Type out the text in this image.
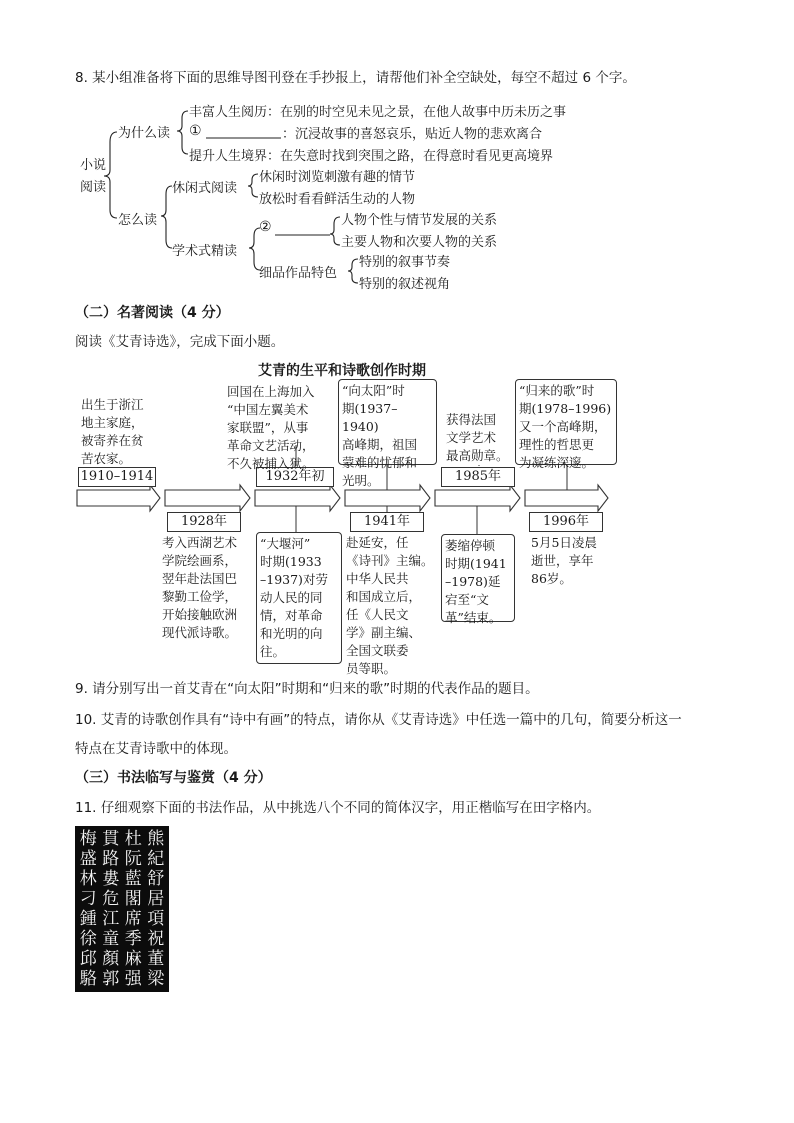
8. 某小组准备将下面的思维导图刊登在手抄报上，请帮他们补全空缺处，每空不超过 6 个字。
小说
阅读
为什么读
丰富人生阅历：在别的时空见未见之景，在他人故事中历未历之事
①	：沉浸故事的喜怒哀乐，贴近人物的悲欢离合
提升人生境界：在失意时找到突围之路，在得意时看见更高境界
怎么读
休闲式阅读
休闲时浏览刺激有趣的情节
放松时看看鲜活生动的人物
学术式精读
②	人物个性与情节发展的关系
主要人物和次要人物的关系
细品作品特色
特别的叙事节奏
特别的叙述视角
（二）名著阅读（4 分）
阅读《艾青诗选》，完成下面小题。
艾青的生平和诗歌创作时期
1910–1914	1932年初	1985年
1928年	1941年	1996年
出生于浙江
地主家庭，
被寄养在贫
苦农家。
回国在上海加入
“中国左翼美术
家联盟”，从事
革命文艺活动，
不久被捕入狱。
“向太阳”时
期(1937–1940)
高峰期，祖国
蒙难的忧郁和
光明。
获得法国
文学艺术
最高勋章。
“归来的歌”时
期(1978–1996)
又一个高峰期，
理性的哲思更
为凝练深邃。
考入西湖艺术
学院绘画系，
翌年赴法国巴
黎勤工俭学，
开始接触欧洲
现代派诗歌。
“大堰河”
时期(1933
–1937)对劳
动人民的同
情，对革命
和光明的向
往。
赴延安，任
《诗刊》主编。
中华人民共
和国成立后，
任《人民文
学》副主编、
全国文联委
员等职。
萎缩停顿
时期(1941
–1978)延
宕至“文
革”结束。
5月5日凌晨
逝世，享年
86岁。
9. 请分别写出一首艾青在“向太阳”时期和“归来的歌”时期的代表作品的题目。
10. 艾青的诗歌创作具有“诗中有画”的特点，请你从《艾青诗选》中任选一篇中的几句，简要分析这一
特点在艾青诗歌中的体现。
（三）书法临写与鉴赏（4 分）
11. 仔细观察下面的书法作品，从中挑选八个不同的简体汉字，用正楷临写在田字格内。
熊
紀
舒
居
項
祝
董
梁
杜
阮
藍
閣
席
季
麻
强
貫
路
婁
危
江
童
顏
郭
梅
盛
林
刁
鍾
徐
邱
駱
